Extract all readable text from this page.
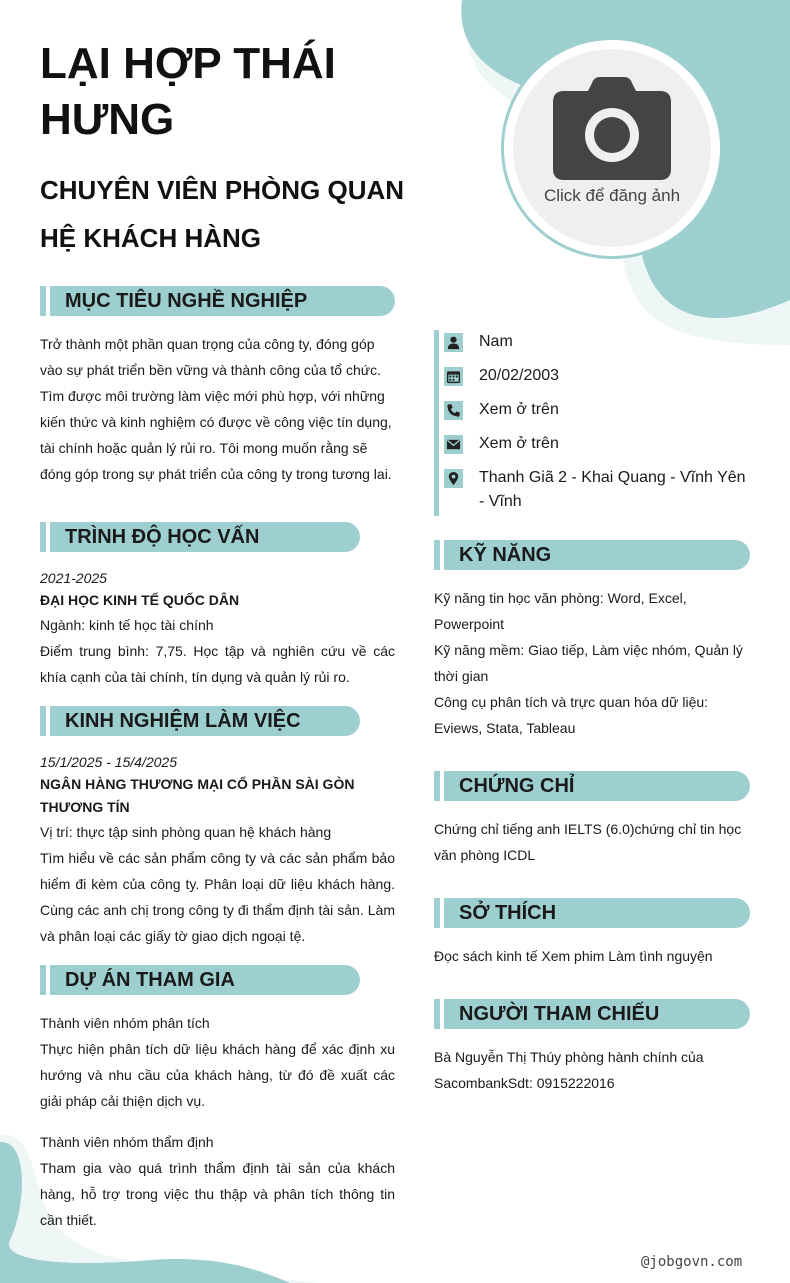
LẠI HỢP THÁI HƯNG
CHUYÊN VIÊN PHÒNG QUAN HỆ KHÁCH HÀNG
Click để đăng ảnh
MỤC TIÊU NGHỀ NGHIỆP
Trở thành một phần quan trọng của công ty, đóng góp vào sự phát triển bền vững và thành công của tổ chức. Tìm được môi trường làm việc mới phù hợp, với những kiến thức và kinh nghiệm có được về công việc tín dụng, tài chính hoặc quản lý rủi ro. Tôi mong muốn rằng sẽ đóng góp trong sự phát triển của công ty trong tương lai.
TRÌNH ĐỘ HỌC VẤN
2021-2025
ĐẠI HỌC KINH TẾ QUỐC DÂN
Ngành: kinh tế học tài chính
Điểm trung bình: 7,75. Học tập và nghiên cứu về các khía cạnh của tài chính, tín dụng và quản lý rủi ro.
KINH NGHIỆM LÀM VIỆC
15/1/2025 - 15/4/2025
NGÂN HÀNG THƯƠNG MẠI CỔ PHẦN SÀI GÒN THƯƠNG TÍN
Vị trí: thực tập sinh phòng quan hệ khách hàng
Tìm hiểu về các sản phẩm công ty và các sản phẩm bảo hiểm đi kèm của công ty. Phân loại dữ liệu khách hàng. Cùng các anh chị trong công ty đi thẩm định tài sản. Làm và phân loại các giấy tờ giao dịch ngoại tệ.
DỰ ÁN THAM GIA
Thành viên nhóm phân tích
Thực hiện phân tích dữ liệu khách hàng để xác định xu hướng và nhu cầu của khách hàng, từ đó đề xuất các giải pháp cải thiện dịch vụ.
Thành viên nhóm thẩm định
Tham gia vào quá trình thẩm định tài sản của khách hàng, hỗ trợ trong việc thu thập và phân tích thông tin cần thiết.
Nam
20/02/2003
Xem ở trên
Xem ở trên
Thanh Giã 2 - Khai Quang - Vĩnh Yên - Vĩnh
KỸ NĂNG
Kỹ năng tin học văn phòng: Word, Excel, Powerpoint
Kỹ năng mềm: Giao tiếp, Làm việc nhóm, Quản lý thời gian
Công cụ phân tích và trực quan hóa dữ liệu: Eviews, Stata, Tableau
CHỨNG CHỈ
Chứng chỉ tiếng anh IELTS (6.0)chứng chỉ tin học văn phòng ICDL
SỞ THÍCH
Đọc sách kinh tế Xem phim Làm tình nguyện
NGƯỜI THAM CHIẾU
Bà Nguyễn Thị Thúy phòng hành chính của SacombankSdt: 0915222016
@jobgovn.com
